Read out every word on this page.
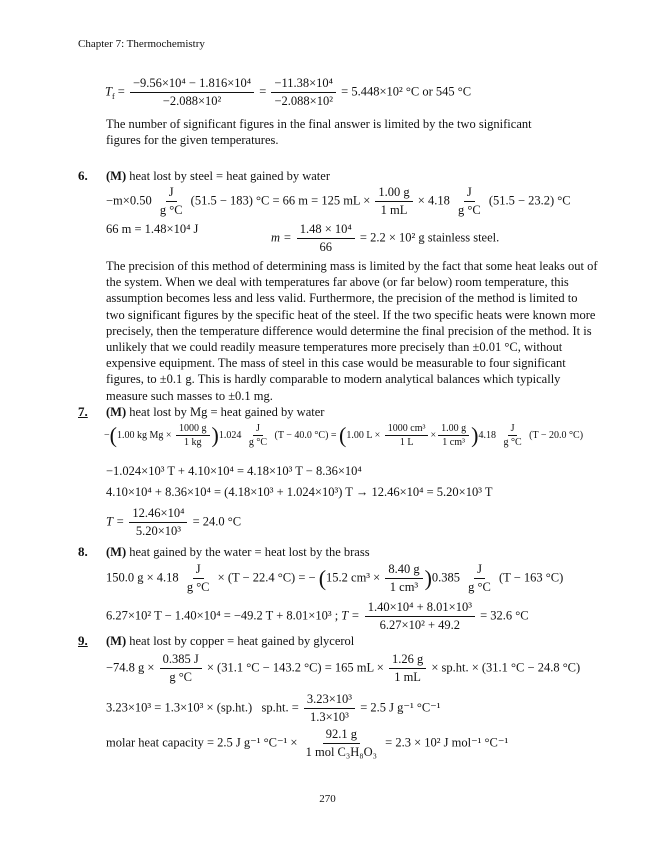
Chapter 7: Thermochemistry
$T_f = \frac{\text{−9.56×10⁴ − 1.816×10⁴}}{\text{−2.088×10²}} = \frac{\text{−11.38×10⁴}}{\text{−2.088×10²}} = 5.448\times 10^2$ °C or 545 °C
The number of significant figures in the final answer is limited by the two significant figures for the given temperatures.
6. (M) heat lost by steel = heat gained by water
$-m\times 0.50 \frac{J}{g ^\circ C} (51.5 - 183) ^\circ C = 66$ m = 125 mL × $\frac{1.00 g}{1 mL} \times 4.18 \frac{J}{g ^\circ C} (51.5 - 23.2)$ °C
66 m = 1.48×10⁴ J
$m = \frac{\text{1.48 × 10⁴}}{66} = 2.2 \times 10^2$ g stainless steel.
The precision of this method of determining mass is limited by the fact that some heat leaks out of the system. When we deal with temperatures far above (or far below) room temperature, this assumption becomes less and less valid. Furthermore, the precision of the method is limited to two significant figures by the specific heat of the steel. If the two specific heats were known more precisely, then the temperature difference would determine the final precision of the method. It is unlikely that we could readily measure temperatures more precisely than ±0.01 °C, without expensive equipment. The mass of steel in this case would be measurable to four significant figures, to ±0.1 g. This is hardly comparable to modern analytical balances which typically measure such masses to ±0.1 mg.
7. (M) heat lost by Mg = heat gained by water
−(1.00 kg $Mg \times \frac{1000 g}{1 kg} )1.024 \frac{J}{g ^\circ C} (T - 40.0$ °C) = (1.00 $L \times \frac{\text{1000 cm³}}{1 L} \times \frac{1.00 g}{\text{1 cm³}} )4.18 \frac{J}{g ^\circ C} (T - 20.0$ °C)
−1.024×10³ T + 4.10×10⁴ = 4.18×10³ T − 8.36×10⁴
4.10×10⁴ + 8.36×10⁴ = (4.18×10³ + 1.024×10³) T → 12.46×10⁴ = 5.20×10³ T
$T = \frac{\text{12.46×10⁴}}{\text{5.20×10³}} = 24.0$ °C
8. (M) heat gained by the water = heat lost by the brass
150.0 $g \times 4.18 \frac{J}{g ^\circ C} \times (T - 22.4$ °C) = − (15.2 $cm^3 \times \frac{8.40 g}{\text{1 cm³}} )0.385 \frac{J}{g ^\circ C} (T - 163$ °C)
6.27×10² T − 1.40×10⁴ = −49.2 T + 8.01×10³ ; $T = \frac{\text{1.40×10⁴ + 8.01×10³}}{\text{6.27×10² + 49.2}} = 32.6$ °C
9. (M) heat lost by copper = heat gained by glycerol
−74.8 $g \times \frac{0.385 J}{g ^\circ C} \times (31.1$ °C − 143.2 °C) = 165 mL × $\frac{1.26 g}{1 mL} \times sp.ht$. × (31.1 °C − 24.8 °C)
3.23×10³ = 1.3×10³ × (sp.ht.) sp.ht. = $\frac{\text{3.23×10³}}{\text{1.3×10³}} = 2.5$ J g⁻¹ °C⁻¹
molar heat capacity = 2.5 J g⁻¹ $^\circ C^{-1} \times \frac{92.1 g}{\text{1 mol C₃H₈O₃}} = 2.3 \times 10^2$ J mol⁻¹ °C⁻¹
270
